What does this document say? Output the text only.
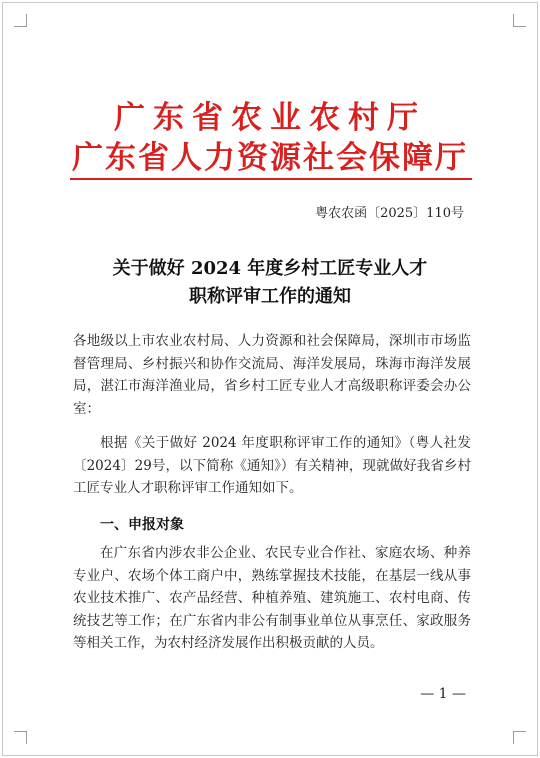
广东省农业农村厅
广东省人力资源社会保障厅
粤农农函〔2025〕110号
关于做好 2024 年度乡村工匠专业人才
职称评审工作的通知
各地级以上市农业农村局、人力资源和社会保障局，深圳市市场监督管理局、乡村振兴和协作交流局、海洋发展局，珠海市海洋发展局，湛江市海洋渔业局，省乡村工匠专业人才高级职称评委会办公室：
根据《关于做好 2024 年度职称评审工作的通知》（粤人社发〔2024〕29号，以下简称《通知》）有关精神，现就做好我省乡村工匠专业人才职称评审工作通知如下。
一、申报对象
在广东省内涉农非公企业、农民专业合作社、家庭农场、种养专业户、农场个体工商户中，熟练掌握技术技能，在基层一线从事农业技术推广、农产品经营、种植养殖、建筑施工、农村电商、传统技艺等工作；在广东省内非公有制事业单位从事烹任、家政服务等相关工作，为农村经济发展作出积极贡献的人员。
— 1 —
